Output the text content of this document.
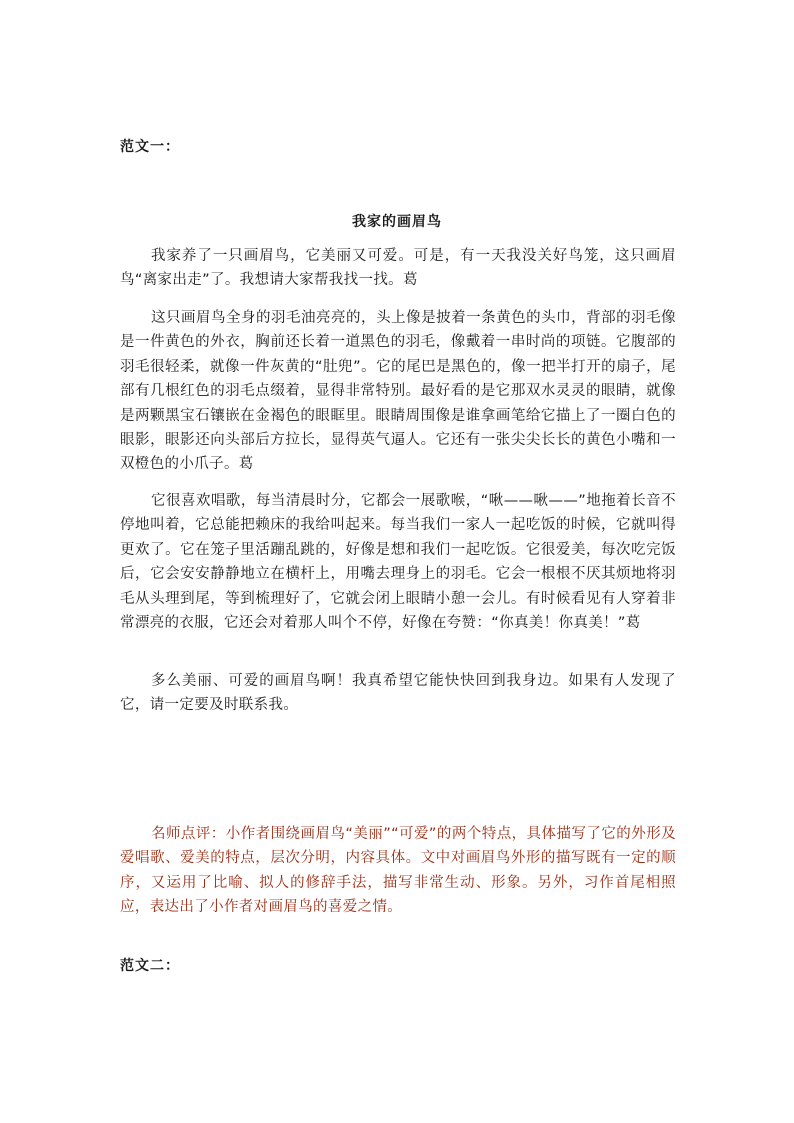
范文一：
我家的画眉鸟

我家养了一只画眉鸟，它美丽又可爱。可是，有一天我没关好鸟笼，这只画眉鸟“离家出走”了。我想请大家帮我找一找。葛

这只画眉鸟全身的羽毛油亮亮的，头上像是披着一条黄色的头巾，背部的羽毛像是一件黄色的外衣，胸前还长着一道黑色的羽毛，像戴着一串时尚的项链。它腹部的羽毛很轻柔，就像一件灰黄的“肚兜”。它的尾巴是黑色的，像一把半打开的扇子，尾部有几根红色的羽毛点缀着，显得非常特别。最好看的是它那双水灵灵的眼睛，就像是两颗黑宝石镶嵌在金褐色的眼眶里。眼睛周围像是谁拿画笔给它描上了一圈白色的眼影，眼影还向头部后方拉长，显得英气逼人。它还有一张尖尖长长的黄色小嘴和一双橙色的小爪子。葛

它很喜欢唱歌，每当清晨时分，它都会一展歌喉，“啾——啾——”地拖着长音不停地叫着，它总能把赖床的我给叫起来。每当我们一家人一起吃饭的时候，它就叫得更欢了。它在笼子里活蹦乱跳的，好像是想和我们一起吃饭。它很爱美，每次吃完饭后，它会安安静静地立在横杆上，用嘴去理身上的羽毛。它会一根根不厌其烦地将羽毛从头理到尾，等到梳理好了，它就会闭上眼睛小憩一会儿。有时候看见有人穿着非常漂亮的衣服，它还会对着那人叫个不停，好像在夸赞：“你真美！你真美！”葛

多么美丽、可爱的画眉鸟啊！我真希望它能快快回到我身边。如果有人发现了它，请一定要及时联系我。

名师点评：小作者围绕画眉鸟“美丽”“可爱”的两个特点，具体描写了它的外形及爱唱歌、爱美的特点，层次分明，内容具体。文中对画眉鸟外形的描写既有一定的顺序，又运用了比喻、拟人的修辞手法，描写非常生动、形象。另外，习作首尾相照应，表达出了小作者对画眉鸟的喜爱之情。

范文二：
